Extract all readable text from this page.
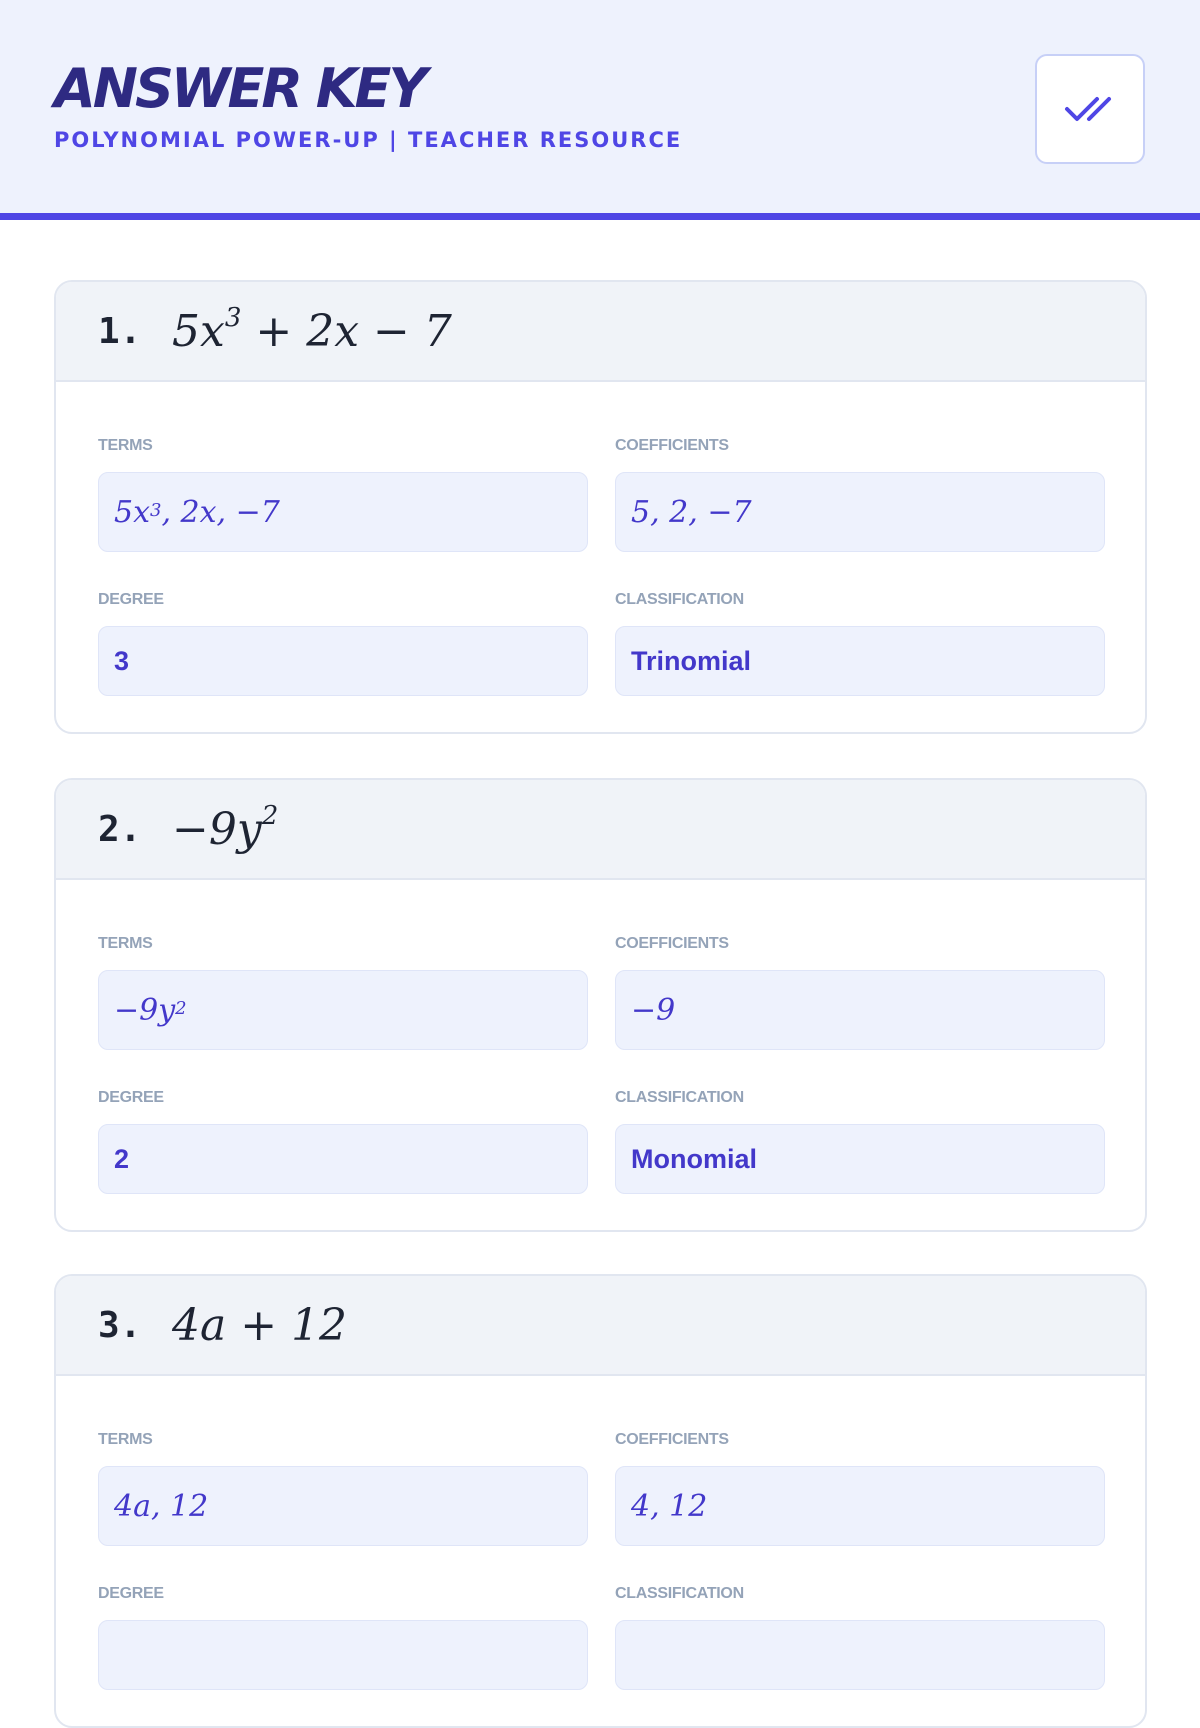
ANSWER KEY
POLYNOMIAL POWER-UP | TEACHER RESOURCE
1. $5x^3 + 2x - 7$
TERMS
$5x^3$ , 2x, −7
COEFFICIENTS
5, 2, −7
DEGREE
3
CLASSIFICATION
Trinomial
2. $-9y^2$
TERMS
$-9y^2$
COEFFICIENTS
−9
DEGREE
2
CLASSIFICATION
Monomial
3. 4a + 12
TERMS
4a, 12
COEFFICIENTS
4, 12
DEGREE	CLASSIFICATION
